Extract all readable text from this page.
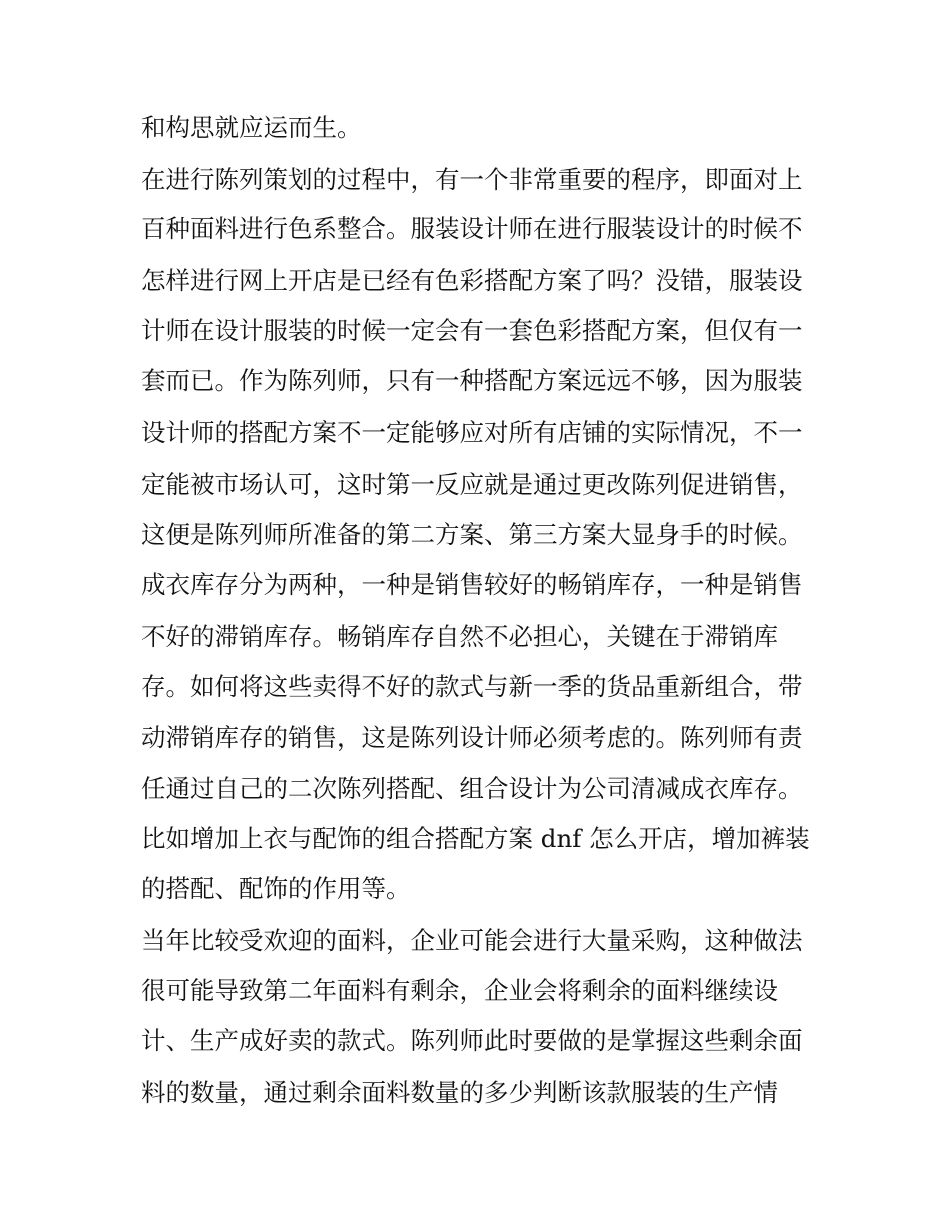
和构思就应运而生。
在进行陈列策划的过程中，有一个非常重要的程序，即面对上
百种面料进行色系整合。服装设计师在进行服装设计的时候不
怎样进行网上开店是已经有色彩搭配方案了吗？没错，服装设
计师在设计服装的时候一定会有一套色彩搭配方案，但仅有一
套而已。作为陈列师，只有一种搭配方案远远不够，因为服装
设计师的搭配方案不一定能够应对所有店铺的实际情况，不一
定能被市场认可，这时第一反应就是通过更改陈列促进销售，
这便是陈列师所准备的第二方案、第三方案大显身手的时候。
成衣库存分为两种，一种是销售较好的畅销库存，一种是销售
不好的滞销库存。畅销库存自然不必担心，关键在于滞销库
存。如何将这些卖得不好的款式与新一季的货品重新组合，带
动滞销库存的销售，这是陈列设计师必须考虑的。陈列师有责
任通过自己的二次陈列搭配、组合设计为公司清减成衣库存。
比如增加上衣与配饰的组合搭配方案 dnf 怎么开店，增加裤装
的搭配、配饰的作用等。
当年比较受欢迎的面料，企业可能会进行大量采购，这种做法
很可能导致第二年面料有剩余，企业会将剩余的面料继续设
计、生产成好卖的款式。陈列师此时要做的是掌握这些剩余面
料的数量，通过剩余面料数量的多少判断该款服装的生产情
